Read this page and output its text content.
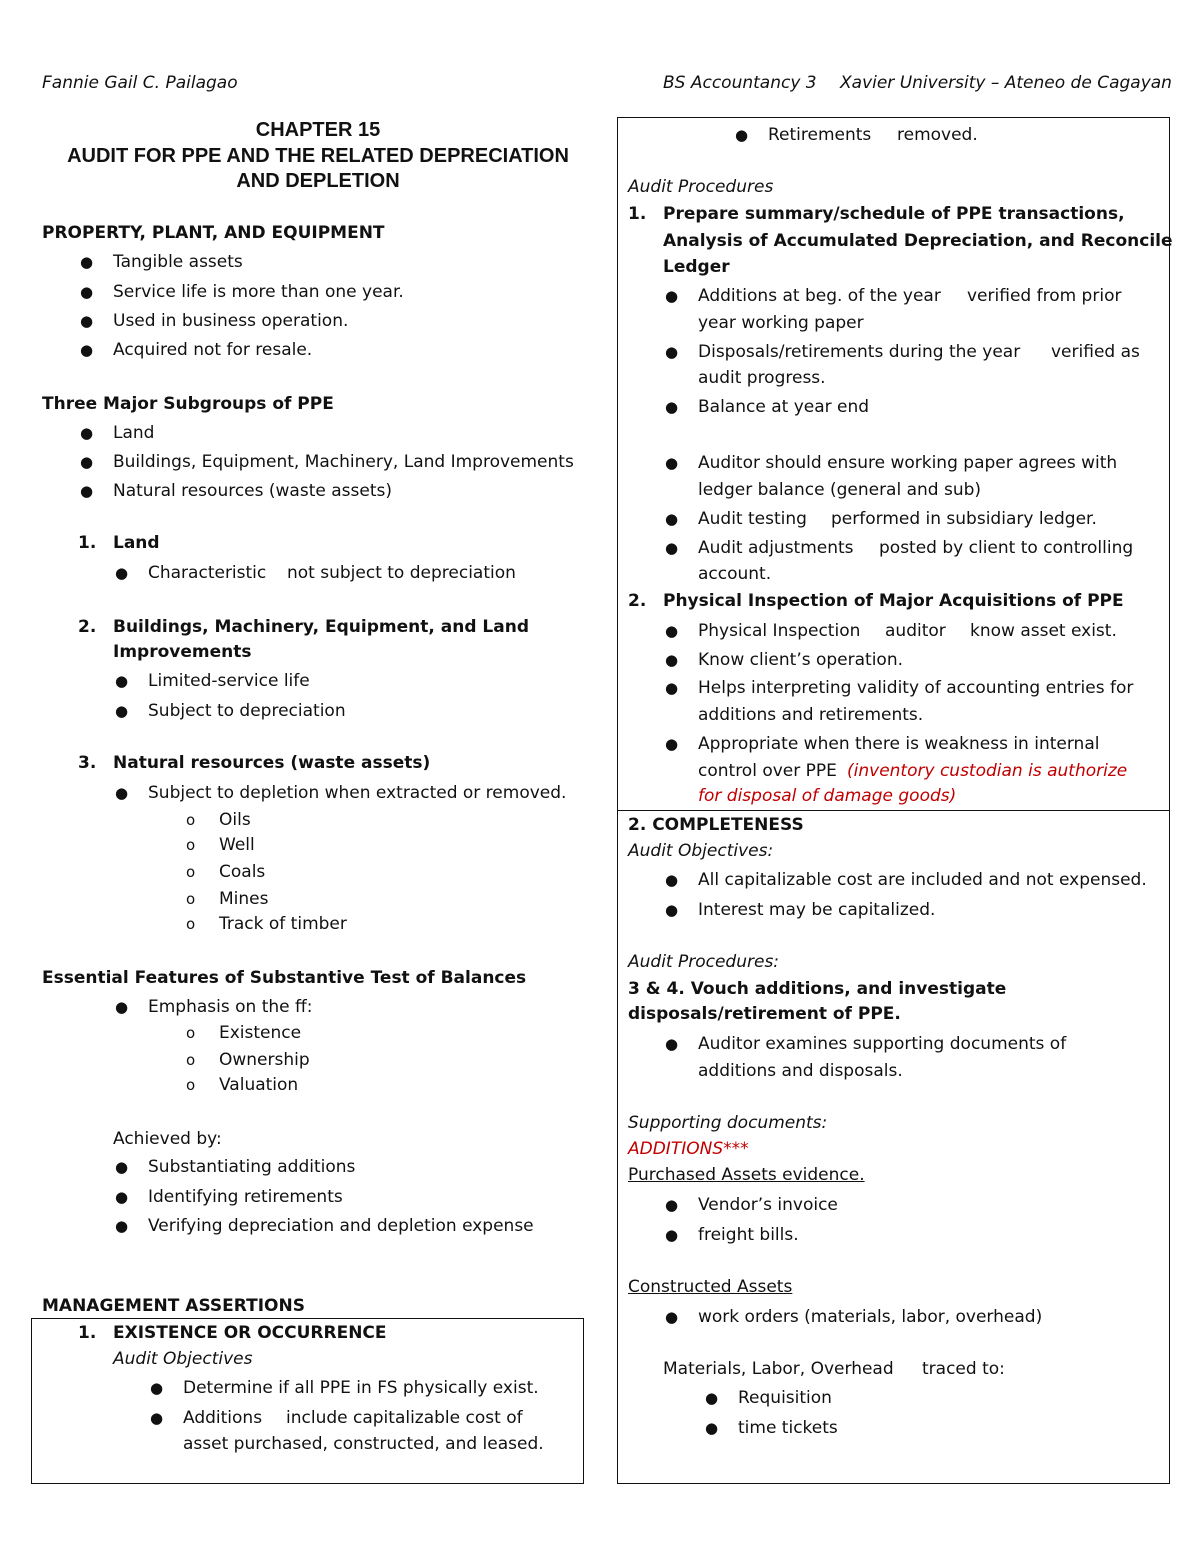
Fannie Gail C. Pailagao	BS Accountancy 3 Xavier University – Ateneo de Cagayan
CHAPTER 15
AUDIT FOR PPE AND THE RELATED DEPRECIATION
AND DEPLETION
PROPERTY, PLANT, AND EQUIPMENT
● Tangible assets
● Service life is more than one year.
● Used in business operation.
● Acquired not for resale.
Three Major Subgroups of PPE
● Land
● Buildings, Equipment, Machinery, Land Improvements
● Natural resources (waste assets)
1. Land
● Characteristic not subject to depreciation
2. Buildings, Machinery, Equipment, and Land
Improvements
● Limited-service life
● Subject to depreciation
3. Natural resources (waste assets)
● Subject to depletion when extracted or removed.
o Oils
o Well
o Coals
o Mines
o Track of timber
Essential Features of Substantive Test of Balances
● Emphasis on the ff:
o Existence
o Ownership
o Valuation
Achieved by:
● Substantiating additions
● Identifying retirements
● Verifying depreciation and depletion expense
MANAGEMENT ASSERTIONS
1. EXISTENCE OR OCCURRENCE
Audit Objectives
● Determine if all PPE in FS physically exist.
● Additions include capitalizable cost of
asset purchased, constructed, and leased.
● Retirements removed.
Audit Procedures
1. Prepare summary/schedule of PPE transactions,
Analysis of Accumulated Depreciation, and Reconcile
Ledger
● Additions at beg. of the year verified from prior
year working paper
● Disposals/retirements during the year verified as
audit progress.
● Balance at year end
● Auditor should ensure working paper agrees with
ledger balance (general and sub)
● Audit testing performed in subsidiary ledger.
● Audit adjustments posted by client to controlling
account.
2. Physical Inspection of Major Acquisitions of PPE
● Physical Inspection auditor know asset exist.
● Know client’s operation.
● Helps interpreting validity of accounting entries for
additions and retirements.
● Appropriate when there is weakness in internal
control over PPE (inventory custodian is authorize
for disposal of damage goods)
2. COMPLETENESS
Audit Objectives:
● All capitalizable cost are included and not expensed.
● Interest may be capitalized.
Audit Procedures:
3 & 4. Vouch additions, and investigate
disposals/retirement of PPE.
● Auditor examines supporting documents of
additions and disposals.
Supporting documents:
ADDITIONS***
Purchased Assets evidence.
● Vendor’s invoice
● freight bills.
Constructed Assets
● work orders (materials, labor, overhead)
Materials, Labor, Overhead traced to:
● Requisition
● time tickets
